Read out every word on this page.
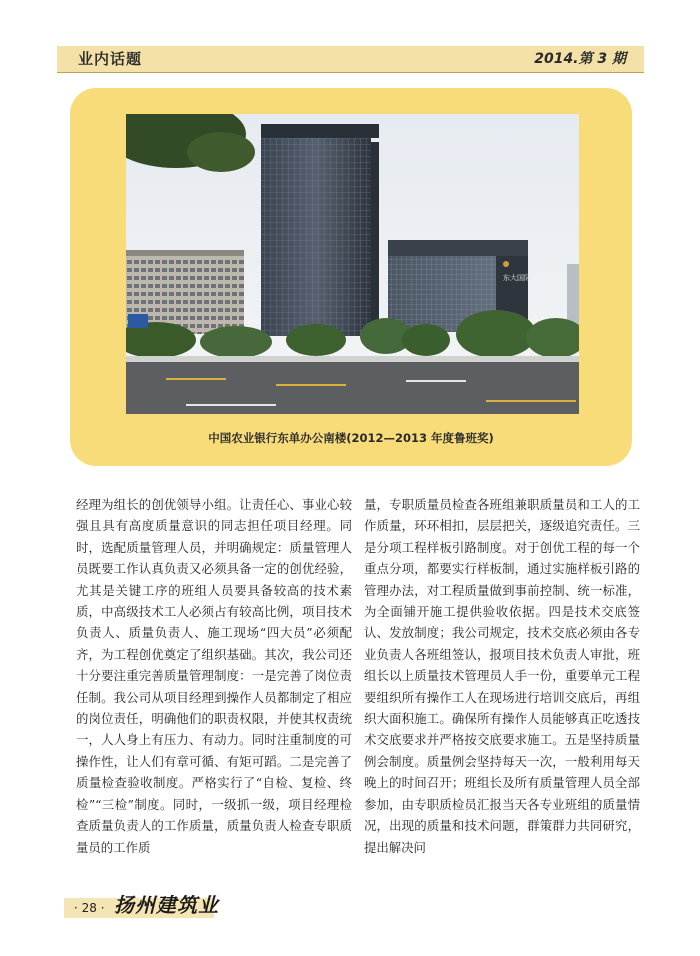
业内话题	2014.第 3 期
东大国际
中国农业银行东单办公南楼(2012—2013 年度鲁班奖)
经理为组长的创优领导小组。让责任心、事业心较强且具有高度质量意识的同志担任项目经理。同时，选配质量管理人员，并明确规定：质量管理人员既要工作认真负责又必须具备一定的创优经验，尤其是关键工序的班组人员要具备较高的技术素质，中高级技术工人必须占有较高比例，项目技术负责人、质量负责人、施工现场“四大员”必须配齐，为工程创优奠定了组织基础。其次，我公司还十分要注重完善质量管理制度：一是完善了岗位责任制。我公司从项目经理到操作人员都制定了相应的岗位责任，明确他们的职责权限，并使其权责统一，人人身上有压力、有动力。同时注重制度的可操作性，让人们有章可循、有矩可蹈。二是完善了质量检查验收制度。严格实行了“自检、复检、终检”“三检”制度。同时，一级抓一级，项目经理检查质量负责人的工作质量，质量负责人检查专职质量员的工作质
量，专职质量员检查各班组兼职质量员和工人的工作质量，环环相扣，层层把关，逐级追究责任。三是分项工程样板引路制度。对于创优工程的每一个重点分项，都要实行样板制，通过实施样板引路的管理办法，对工程质量做到事前控制、统一标准，为全面铺开施工提供验收依据。四是技术交底签认、发放制度；我公司规定，技术交底必须由各专业负责人各班组签认，报项目技术负责人审批，班组长以上质量技术管理员人手一份，重要单元工程要组织所有操作工人在现场进行培训交底后，再组织大面积施工。确保所有操作人员能够真正吃透技术交底要求并严格按交底要求施工。五是坚持质量例会制度。质量例会坚持每天一次，一般利用每天晚上的时间召开；班组长及所有质量管理人员全部参加，由专职质检员汇报当天各专业班组的质量情况，出现的质量和技术问题，群策群力共同研究，提出解决问
· 28 · 扬州建筑业
